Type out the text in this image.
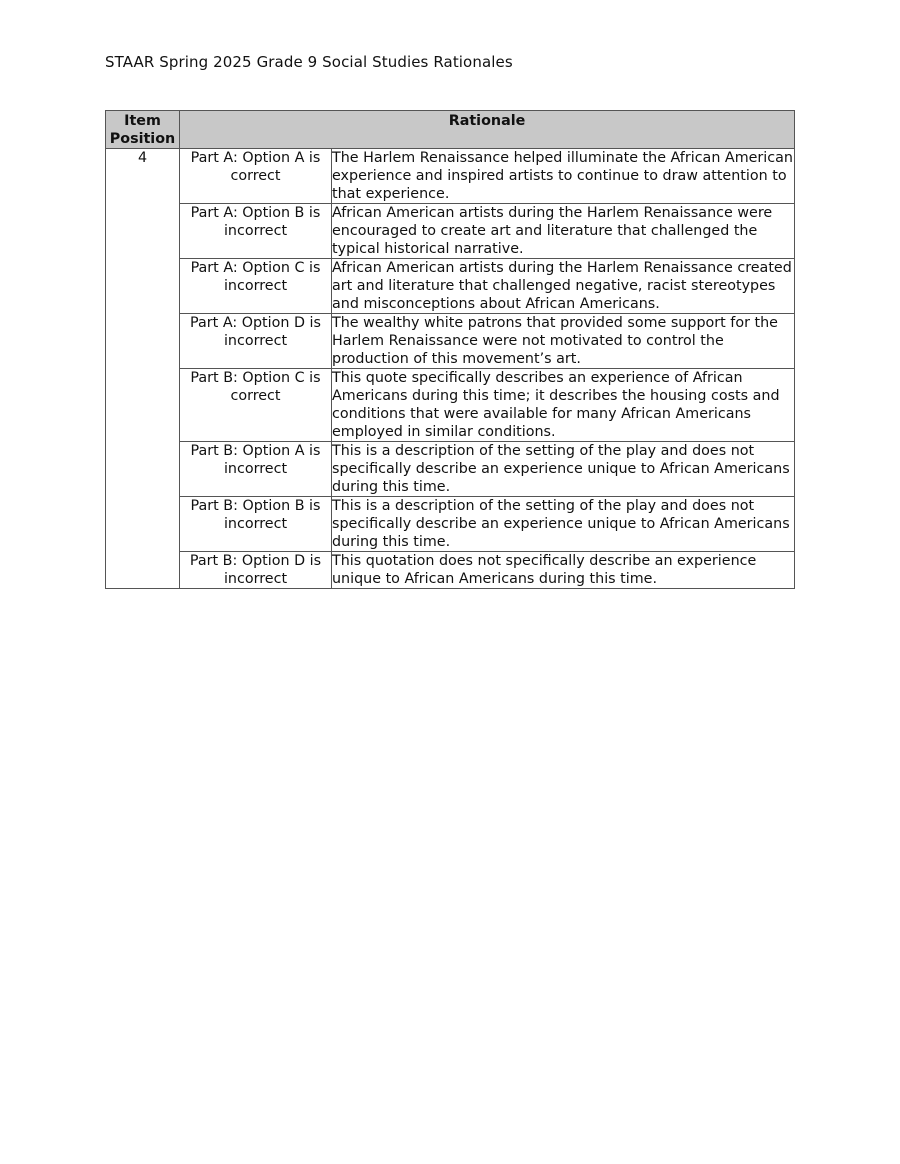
STAAR Spring 2025 Grade 9 Social Studies Rationales
Item Position	Rationale	
4	Part A: Option A is correct	The Harlem Renaissance helped illuminate the African American experience and inspired artists to continue to draw attention to that experience.
	Part A: Option B is incorrect	African American artists during the Harlem Renaissance were encouraged to create art and literature that challenged the typical historical narrative.
	Part A: Option C is incorrect	African American artists during the Harlem Renaissance created art and literature that challenged negative, racist stereotypes and misconceptions about African Americans.
	Part A: Option D is incorrect	The wealthy white patrons that provided some support for the Harlem Renaissance were not motivated to control the production of this movement’s art.
	Part B: Option C is correct	This quote specifically describes an experience of African Americans during this time; it describes the housing costs and conditions that were available for many African Americans employed in similar conditions.
	Part B: Option A is incorrect	This is a description of the setting of the play and does not specifically describe an experience unique to African Americans during this time.
	Part B: Option B is incorrect	This is a description of the setting of the play and does not specifically describe an experience unique to African Americans during this time.
	Part B: Option D is incorrect	This quotation does not specifically describe an experience unique to African Americans during this time.
